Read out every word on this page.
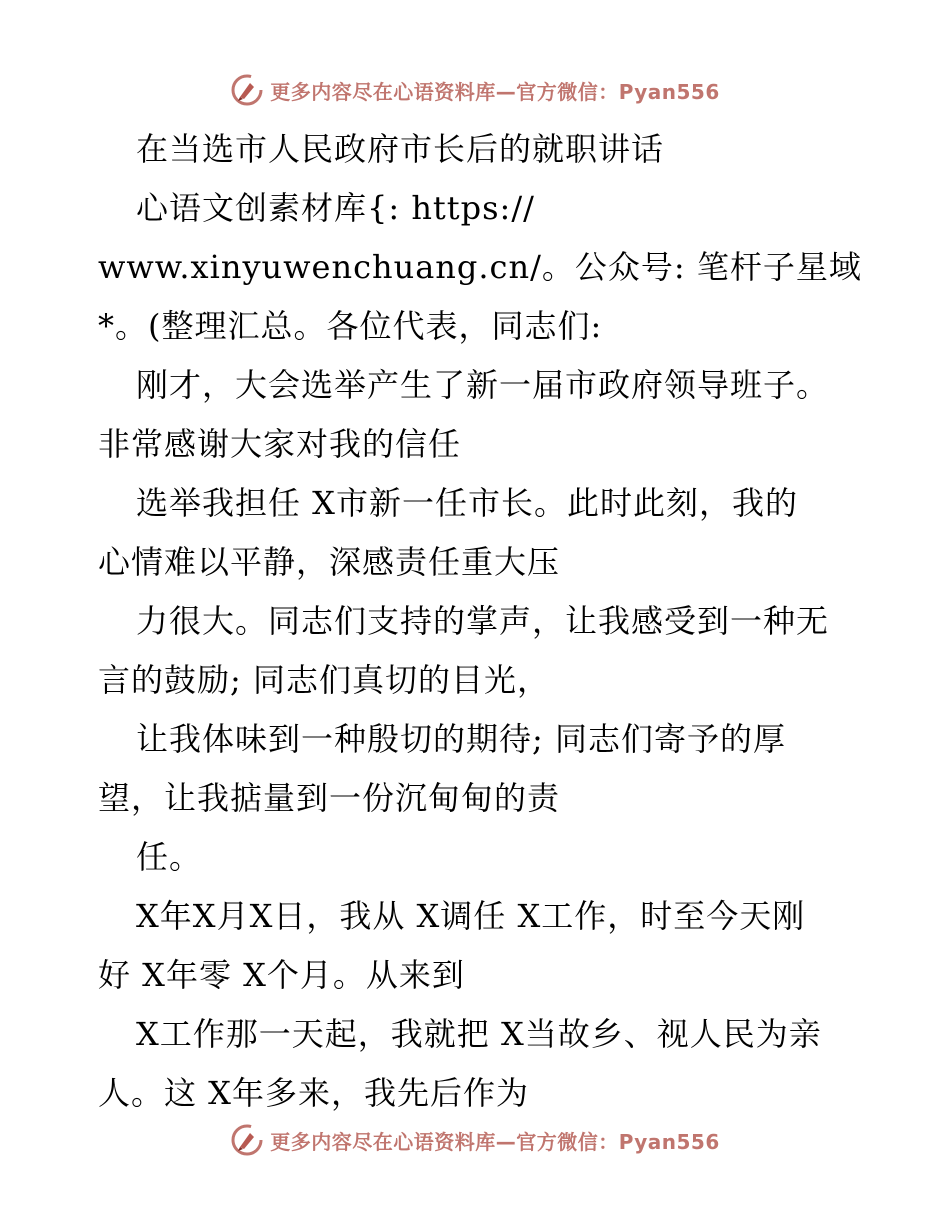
更多内容尽在心语资料库—官方微信：Pyan556
在当选市人民政府市长后的就职讲话
心语文创素材库{: https://
www.xinyuwenchuang.cn/。公众号: 笔杆子星域
*。(整理汇总。各位代表，同志们:
刚才，大会选举产生了新一届市政府领导班子。
非常感谢大家对我的信任
选举我担任 X市新一任市长。此时此刻，我的
心情难以平静，深感责任重大压
力很大。同志们支持的掌声，让我感受到一种无
言的鼓励; 同志们真切的目光，
让我体味到一种殷切的期待; 同志们寄予的厚
望，让我掂量到一份沉甸甸的责
任。
X年X月X日，我从 X调任 X工作，时至今天刚
好 X年零 X个月。从来到
X工作那一天起，我就把 X当故乡、视人民为亲
人。这 X年多来，我先后作为
更多内容尽在心语资料库—官方微信：Pyan556
